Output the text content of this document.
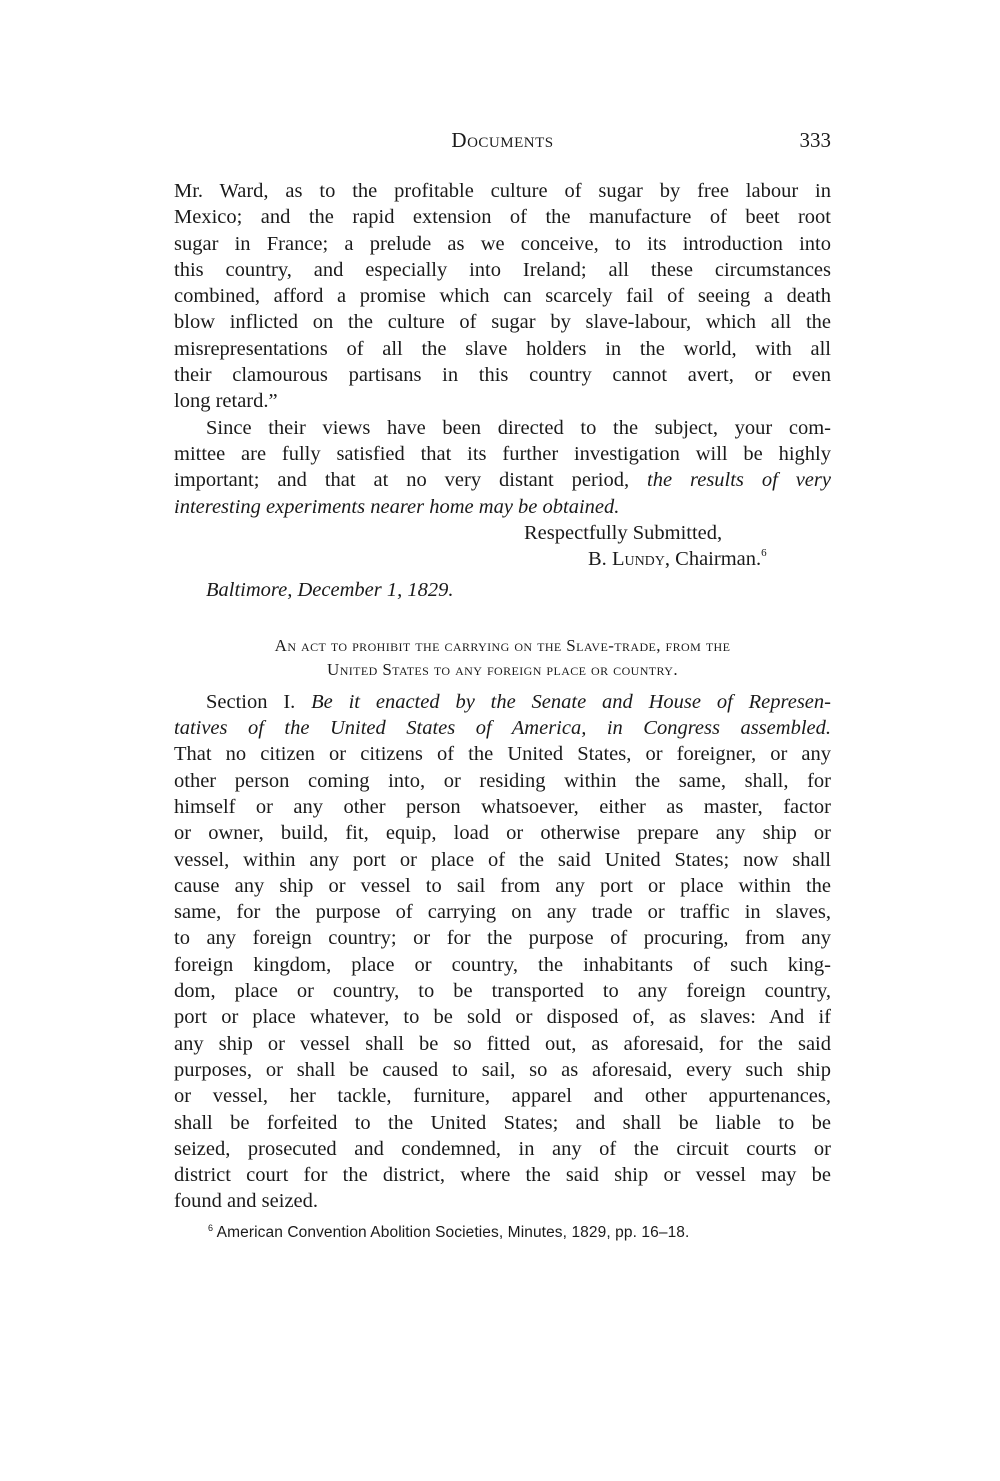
Documents	333
Mr. Ward, as to the profitable culture of sugar by free labour in
Mexico; and the rapid extension of the manufacture of beet root
sugar in France; a prelude as we conceive, to its introduction into
this country, and especially into Ireland; all these circumstances
combined, afford a promise which can scarcely fail of seeing a death
blow inflicted on the culture of sugar by slave-labour, which all the
misrepresentations of all the slave holders in the world, with all
their clamourous partisans in this country cannot avert, or even
long retard.”
Since their views have been directed to the subject, your com-
mittee are fully satisfied that its further investigation will be highly
important; and that at no very distant period, the results of very
interesting experiments nearer home may be obtained.
Respectfully Submitted,
B. Lundy, Chairman.$^6$
Baltimore, December 1, 1829.
An act to prohibit the carrying on the Slave-trade, from the
United States to any foreign place or country.
Section I. Be it enacted by the Senate and House of Represen-
tatives of the United States of America, in Congress assembled.
That no citizen or citizens of the United States, or foreigner, or any
other person coming into, or residing within the same, shall, for
himself or any other person whatsoever, either as master, factor
or owner, build, fit, equip, load or otherwise prepare any ship or
vessel, within any port or place of the said United States; now shall
cause any ship or vessel to sail from any port or place within the
same, for the purpose of carrying on any trade or traffic in slaves,
to any foreign country; or for the purpose of procuring, from any
foreign kingdom, place or country, the inhabitants of such king-
dom, place or country, to be transported to any foreign country,
port or place whatever, to be sold or disposed of, as slaves: And if
any ship or vessel shall be so fitted out, as aforesaid, for the said
purposes, or shall be caused to sail, so as aforesaid, every such ship
or vessel, her tackle, furniture, apparel and other appurtenances,
shall be forfeited to the United States; and shall be liable to be
seized, prosecuted and condemned, in any of the circuit courts or
district court for the district, where the said ship or vessel may be
found and seized.
$^6$ American Convention Abolition Societies, Minutes, 1829, pp. 16–18.
